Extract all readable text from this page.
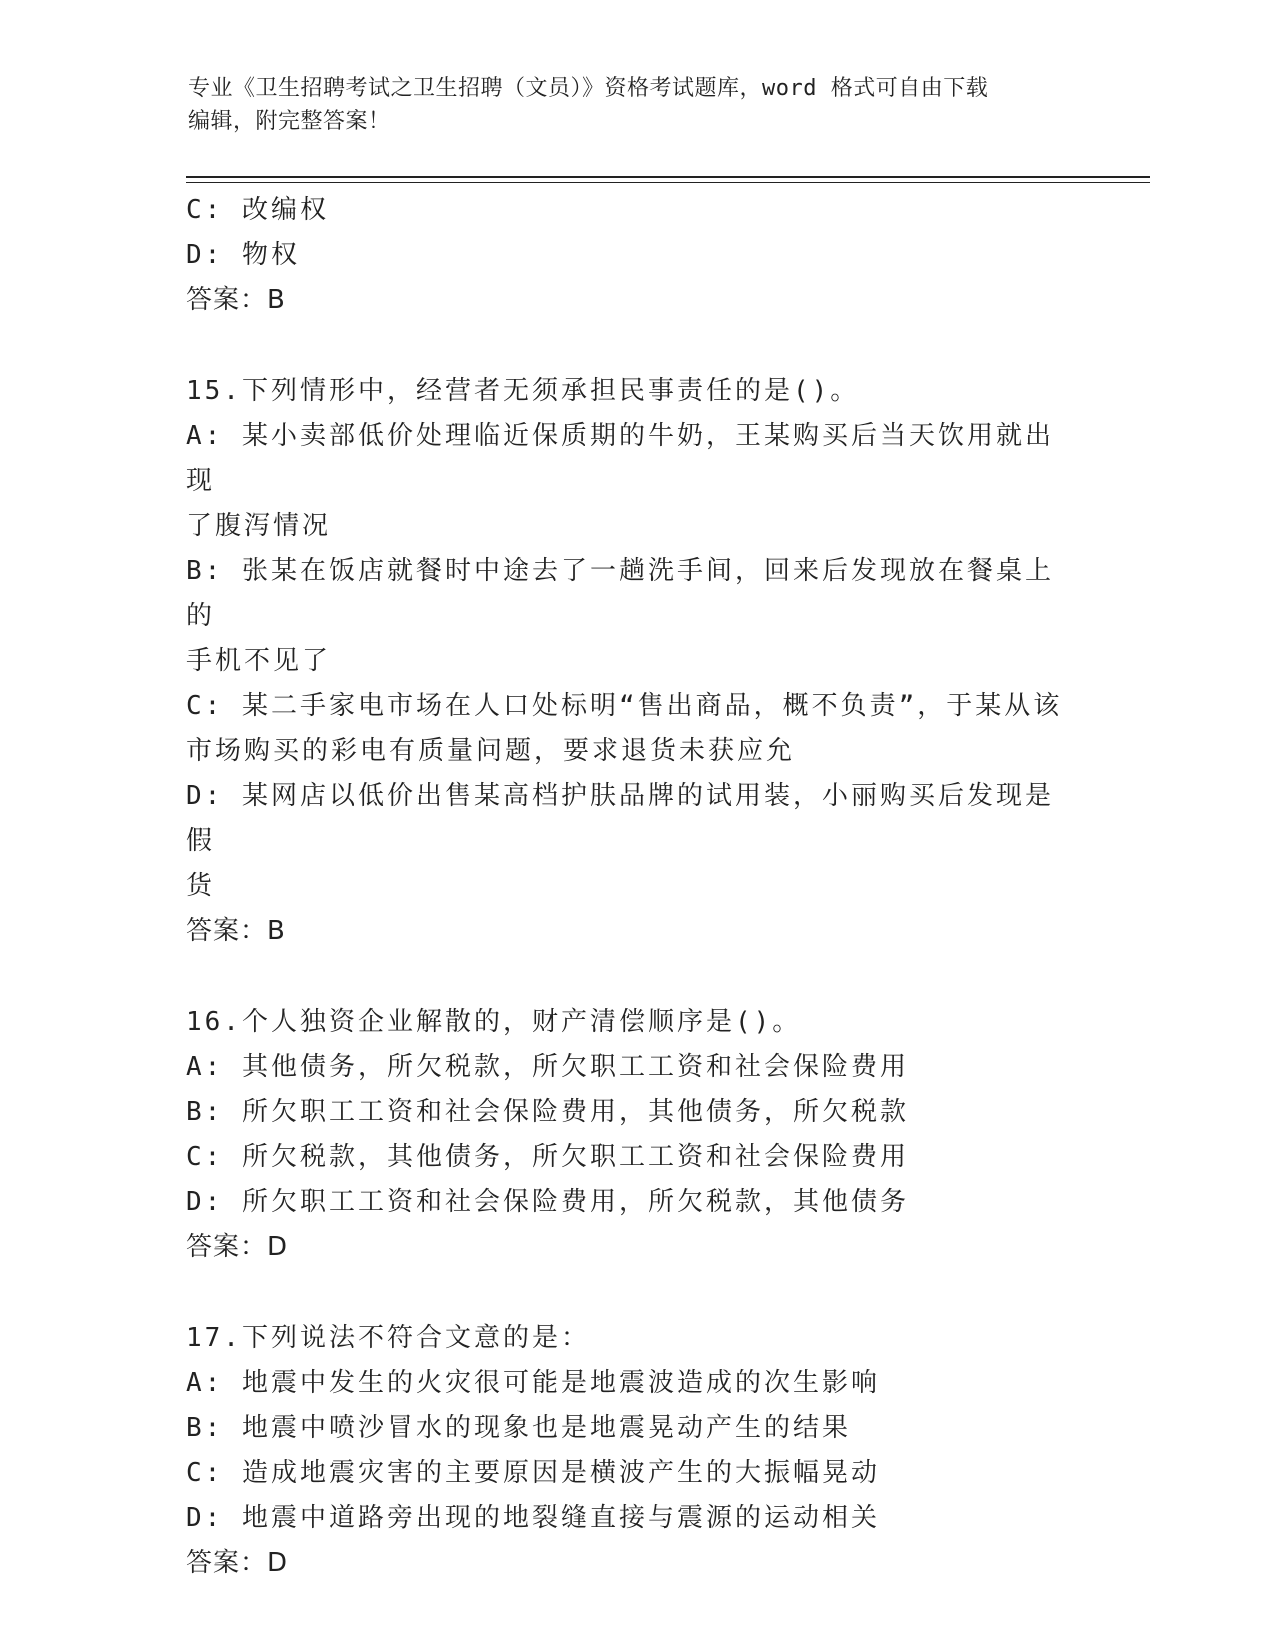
专业《卫生招聘考试之卫生招聘（文员）》资格考试题库，word 格式可自由下载
编辑，附完整答案！

C: 改编权

D: 物权

答案：B

15.下列情形中，经营者无须承担民事责任的是()。

A: 某小卖部低价处理临近保质期的牛奶，王某购买后当天饮用就出现

了腹泻情况

B: 张某在饭店就餐时中途去了一趟洗手间，回来后发现放在餐桌上的

手机不见了

C: 某二手家电市场在人口处标明“售出商品，概不负责”，于某从该

市场购买的彩电有质量问题，要求退货未获应允

D: 某网店以低价出售某高档护肤品牌的试用装，小丽购买后发现是假

货

答案：B

16.个人独资企业解散的，财产清偿顺序是()。

A: 其他债务，所欠税款，所欠职工工资和社会保险费用

B: 所欠职工工资和社会保险费用，其他债务，所欠税款

C: 所欠税款，其他债务，所欠职工工资和社会保险费用

D: 所欠职工工资和社会保险费用，所欠税款，其他债务

答案：D

17.下列说法不符合文意的是：

A: 地震中发生的火灾很可能是地震波造成的次生影响

B: 地震中喷沙冒水的现象也是地震晃动产生的结果

C: 造成地震灾害的主要原因是横波产生的大振幅晃动

D: 地震中道路旁出现的地裂缝直接与震源的运动相关

答案：D
